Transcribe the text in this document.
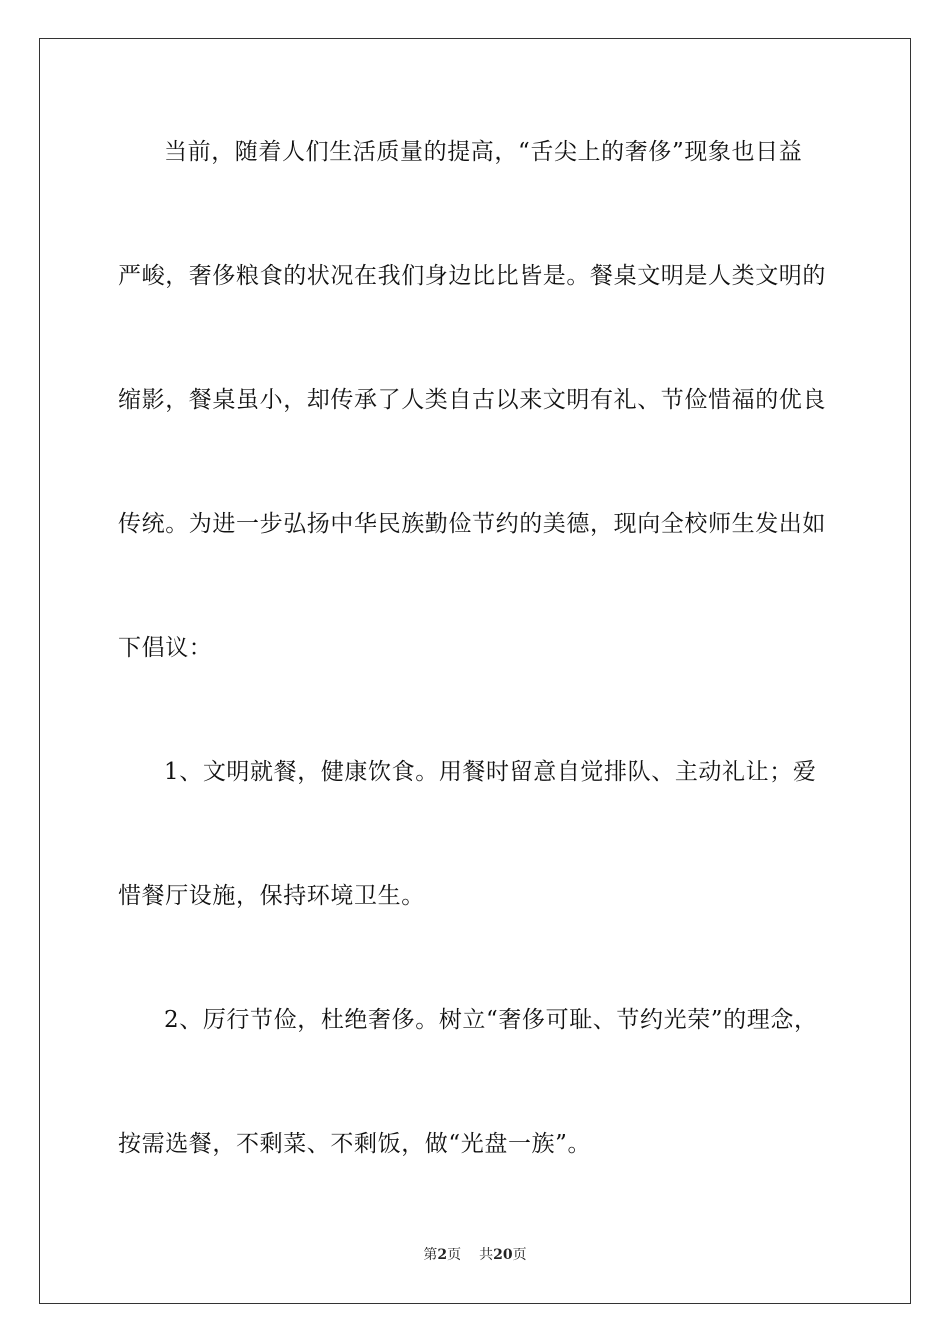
当前，随着人们生活质量的提高，“舌尖上的奢侈”现象也日益
严峻，奢侈粮食的状况在我们身边比比皆是。餐桌文明是人类文明的
缩影，餐桌虽小，却传承了人类自古以来文明有礼、节俭惜福的优良
传统。为进一步弘扬中华民族勤俭节约的美德，现向全校师生发出如
下倡议：
1、文明就餐，健康饮食。用餐时留意自觉排队、主动礼让；爱
惜餐厅设施，保持环境卫生。
2、厉行节俭，杜绝奢侈。树立“奢侈可耻、节约光荣”的理念，
按需选餐，不剩菜、不剩饭，做“光盘一族”。
第2页 共20页
